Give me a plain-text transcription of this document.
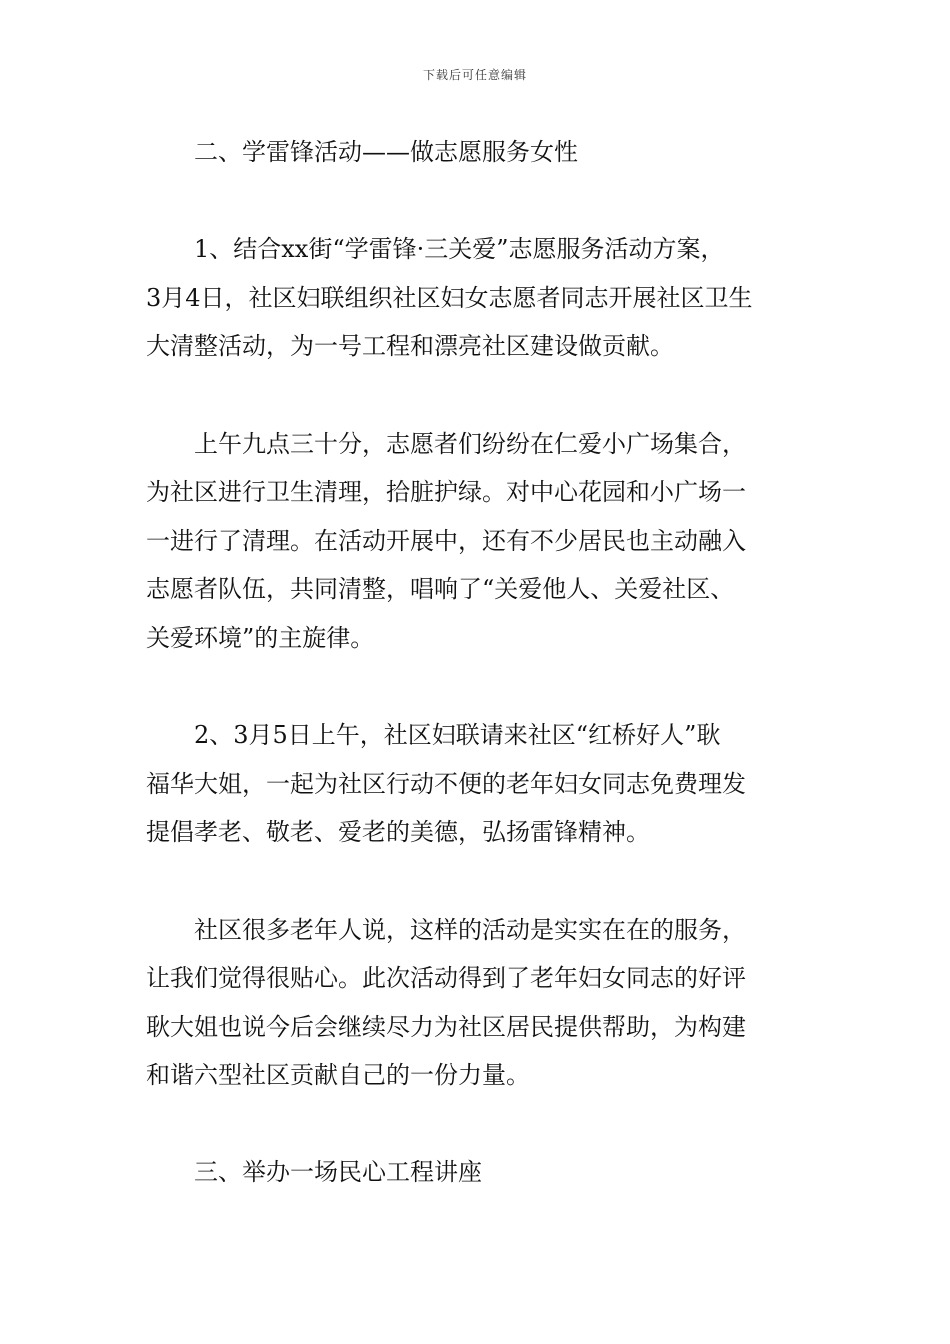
下载后可任意编辑
二、学雷锋活动——做志愿服务女性
　　1、结合xx街“学雷锋·三关爱”志愿服务活动方案，
3月4日，社区妇联组织社区妇女志愿者同志开展社区卫生
大清整活动，为一号工程和漂亮社区建设做贡献。
　　上午九点三十分，志愿者们纷纷在仁爱小广场集合，
为社区进行卫生清理，拾脏护绿。对中心花园和小广场一
一进行了清理。在活动开展中，还有不少居民也主动融入
志愿者队伍，共同清整，唱响了“关爱他人、关爱社区、
关爱环境”的主旋律。
　　2、3月5日上午，社区妇联请来社区“红桥好人”耿
福华大姐，一起为社区行动不便的老年妇女同志免费理发
提倡孝老、敬老、爱老的美德，弘扬雷锋精神。
　　社区很多老年人说，这样的活动是实实在在的服务，
让我们觉得很贴心。此次活动得到了老年妇女同志的好评
耿大姐也说今后会继续尽力为社区居民提供帮助，为构建
和谐六型社区贡献自己的一份力量。
三、举办一场民心工程讲座
